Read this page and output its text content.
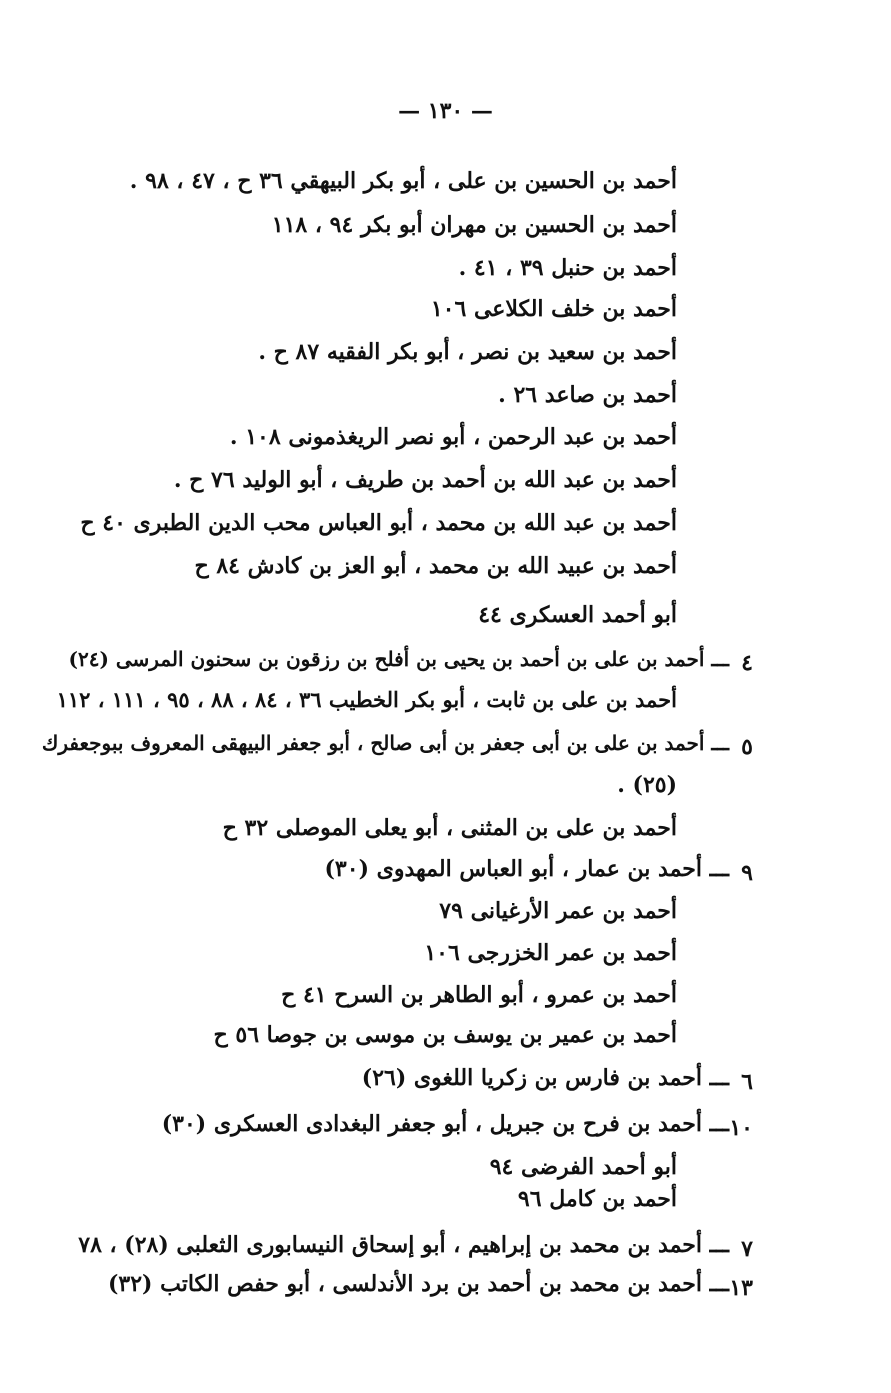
— ١٣٠ —
أحمد بن الحسين بن على ، أبو بكر البيهقي ٣٦ ح ، ٤٧ ، ٩٨ .
أحمد بن الحسين بن مهران أبو بكر ٩٤ ، ١١٨
أحمد بن حنبل ٣٩ ، ٤١ .
أحمد بن خلف الكلاعى ١٠٦
أحمد بن سعيد بن نصر ، أبو بكر الفقيه ٨٧ ح .
أحمد بن صاعد ٢٦ .
أحمد بن عبد الرحمن ، أبو نصر الريغذمونى ١٠٨ .
أحمد بن عبد الله بن أحمد بن طريف ، أبو الوليد ٧٦ ح .
أحمد بن عبد الله بن محمد ، أبو العباس محب الدين الطبرى ٤٠ ح
أحمد بن عبيد الله بن محمد ، أبو العز بن كادش ٨٤ ح
أبو أحمد العسكرى ٤٤
٤
ـــ أحمد بن على بن أحمد بن يحيى بن أفلح بن رزقون بن سحنون المرسى (٢٤)
أحمد بن على بن ثابت ، أبو بكر الخطيب ٣٦ ، ٨٤ ، ٨٨ ، ٩٥ ، ١١١ ، ١١٢
٥
ـــ أحمد بن على بن أبى جعفر بن أبى صالح ، أبو جعفر البيهقى المعروف ببوجعفرك
(٢٥) .
أحمد بن على بن المثنى ، أبو يعلى الموصلى ٣٢ ح
٩
ـــ أحمد بن عمار ، أبو العباس المهدوى (٣٠)
أحمد بن عمر الأرغيانى ٧٩
أحمد بن عمر الخزرجى ١٠٦
أحمد بن عمرو ، أبو الطاهر بن السرح ٤١ ح
أحمد بن عمير بن يوسف بن موسى بن جوصا ٥٦ ح
٦
ـــ أحمد بن فارس بن زكريا اللغوى (٢٦)
١٠
ـــ أحمد بن فرح بن جبريل ، أبو جعفر البغدادى العسكرى (٣٠)
أبو أحمد الفرضى ٩٤
أحمد بن كامل ٩٦
٧
ـــ أحمد بن محمد بن إبراهيم ، أبو إسحاق النيسابورى الثعلبى (٢٨) ، ٧٨
١٣
ـــ أحمد بن محمد بن أحمد بن برد الأندلسى ، أبو حفص الكاتب (٣٢)
